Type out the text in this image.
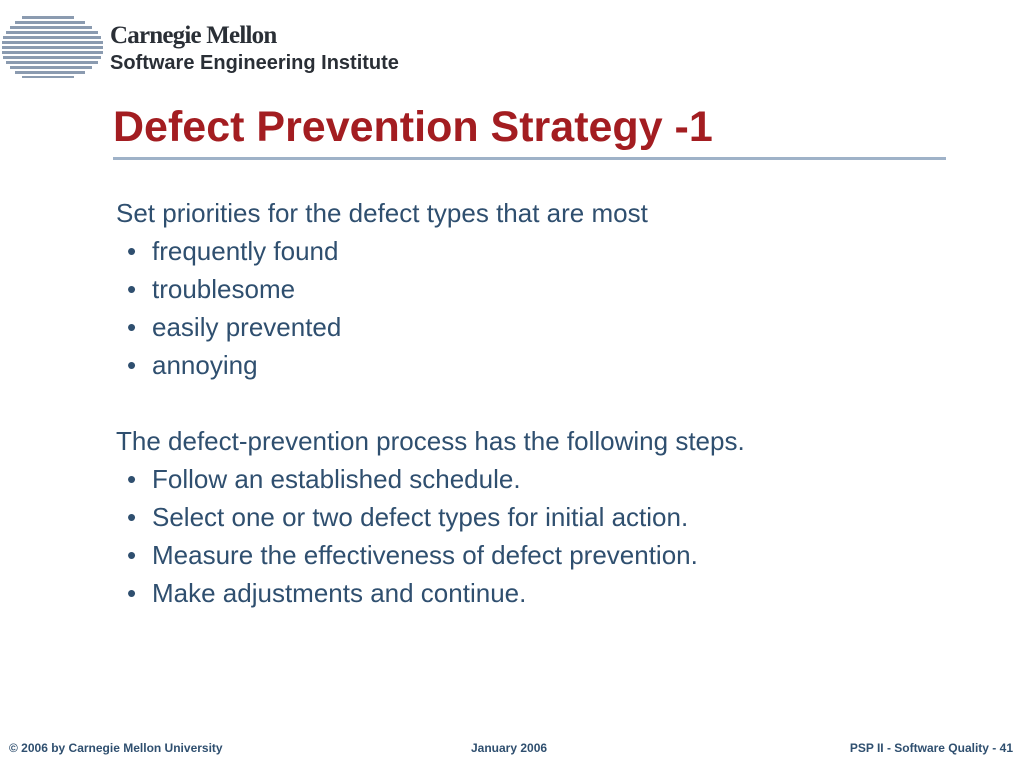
Carnegie Mellon
Software Engineering Institute
Defect Prevention Strategy -1
Set priorities for the defect types that are most
• frequently found
• troublesome
• easily prevented
• annoying
The defect-prevention process has the following steps.
• Follow an established schedule.
• Select one or two defect types for initial action.
• Measure the effectiveness of defect prevention.
• Make adjustments and continue.
© 2006 by Carnegie Mellon University	January 2006	PSP II - Software Quality - 41
